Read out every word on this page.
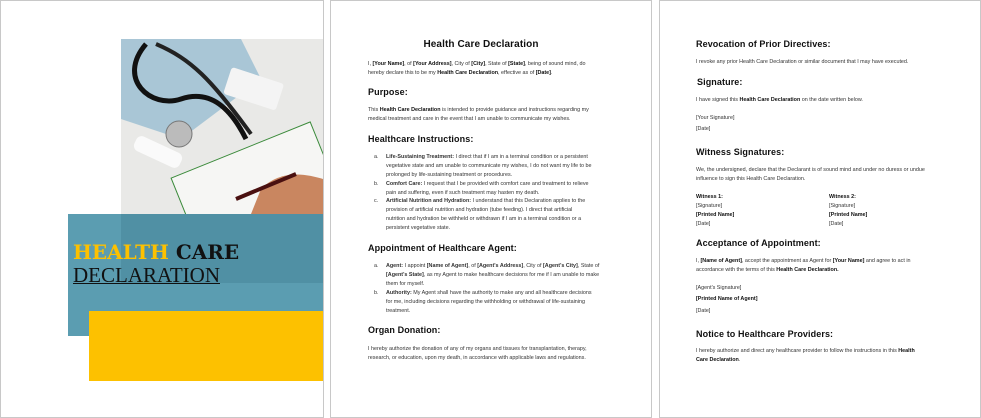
HEALTH CARE
DECLARATION
Health Care Declaration
I, [Your Name], of [Your Address], City of [City], State of [State], being of sound mind, do
hereby declare this to be my Health Care Declaration, effective as of [Date].
Purpose:
This Health Care Declaration is intended to provide guidance and instructions regarding my
medical treatment and care in the event that I am unable to communicate my wishes.
Healthcare Instructions:
a. Life-Sustaining Treatment: I direct that if I am in a terminal condition or a persistent
vegetative state and am unable to communicate my wishes, I do not want my life to be
prolonged by life-sustaining treatment or procedures.
b. Comfort Care: I request that I be provided with comfort care and treatment to relieve
pain and suffering, even if such treatment may hasten my death.
c. Artificial Nutrition and Hydration: I understand that this Declaration applies to the
provision of artificial nutrition and hydration (tube feeding). I direct that artificial
nutrition and hydration be withheld or withdrawn if I am in a terminal condition or a
persistent vegetative state.
Appointment of Healthcare Agent:
a. Agent: I appoint [Name of Agent], of [Agent's Address], City of [Agent's City], State of
[Agent's State], as my Agent to make healthcare decisions for me if I am unable to make
them for myself.
b. Authority: My Agent shall have the authority to make any and all healthcare decisions
for me, including decisions regarding the withholding or withdrawal of life-sustaining
treatment.
Organ Donation:
I hereby authorize the donation of any of my organs and tissues for transplantation, therapy,
research, or education, upon my death, in accordance with applicable laws and regulations.
Revocation of Prior Directives:
I revoke any prior Health Care Declaration or similar document that I may have executed.
Signature:
I have signed this Health Care Declaration on the date written below.
[Your Signature]
[Date]
Witness Signatures:
We, the undersigned, declare that the Declarant is of sound mind and under no duress or undue
influence to sign this Health Care Declaration.
Witness 1:
[Signature]
[Printed Name]
[Date]
Witness 2:
[Signature]
[Printed Name]
[Date]
Acceptance of Appointment:
I, [Name of Agent], accept the appointment as Agent for [Your Name] and agree to act in
accordance with the terms of this Health Care Declaration.
[Agent's Signature]
[Printed Name of Agent]
[Date]
Notice to Healthcare Providers:
I hereby authorize and direct any healthcare provider to follow the instructions in this Health
Care Declaration.
